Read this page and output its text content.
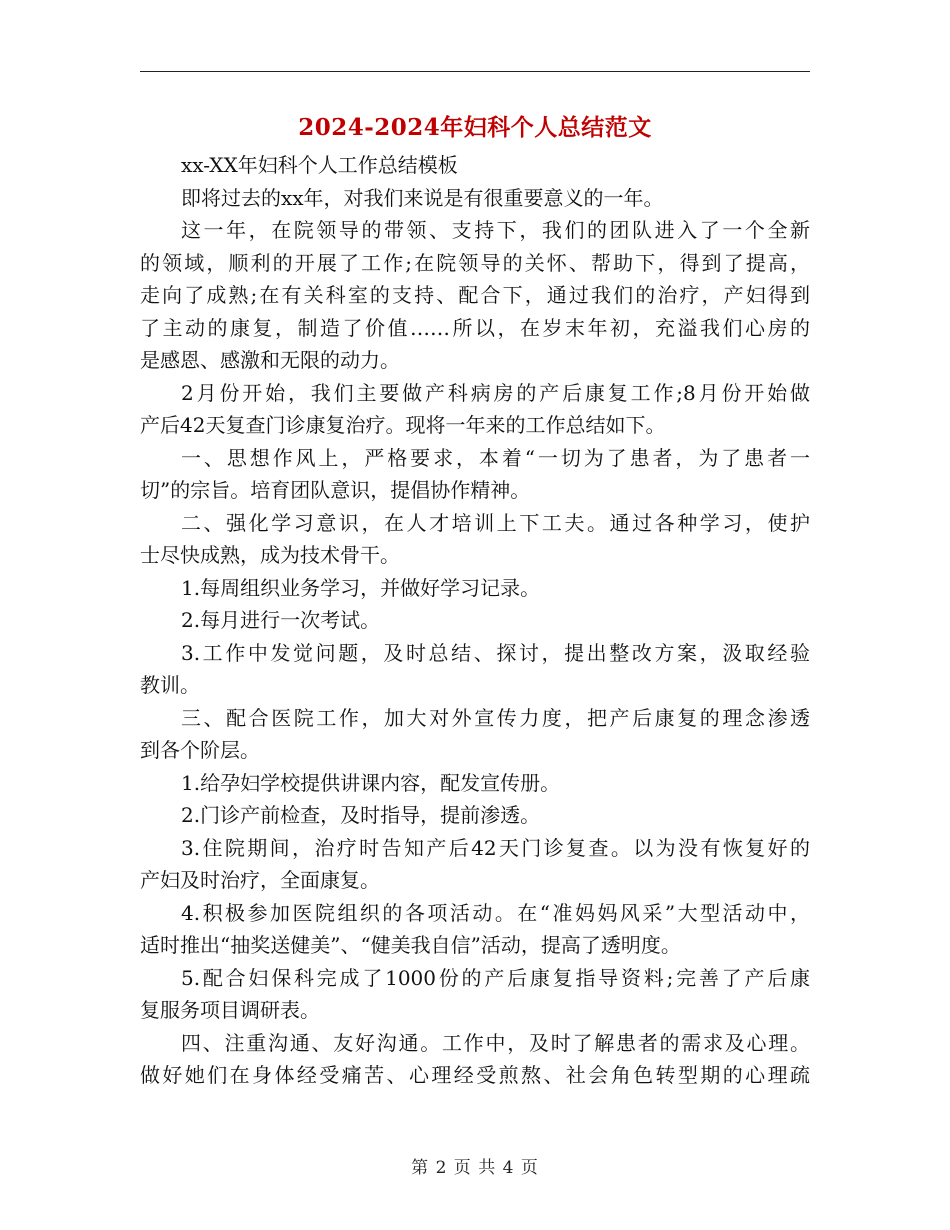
2024-2024年妇科个人总结范文
xx-XX年妇科个人工作总结模板
即将过去的xx年，对我们来说是有很重要意义的一年。
这一年，在院领导的带领、支持下，我们的团队进入了一个全新
的领域，顺利的开展了工作;在院领导的关怀、帮助下，得到了提高，
走向了成熟;在有关科室的支持、配合下，通过我们的治疗，产妇得到
了主动的康复，制造了价值……所以，在岁末年初，充溢我们心房的
是感恩、感激和无限的动力。
2月份开始，我们主要做产科病房的产后康复工作;8月份开始做
产后42天复查门诊康复治疗。现将一年来的工作总结如下。
一、思想作风上，严格要求，本着“一切为了患者，为了患者一
切”的宗旨。培育团队意识，提倡协作精神。
二、强化学习意识，在人才培训上下工夫。通过各种学习，使护
士尽快成熟，成为技术骨干。
1.每周组织业务学习，并做好学习记录。
2.每月进行一次考试。
3.工作中发觉问题，及时总结、探讨，提出整改方案，汲取经验
教训。
三、配合医院工作，加大对外宣传力度，把产后康复的理念渗透
到各个阶层。
1.给孕妇学校提供讲课内容，配发宣传册。
2.门诊产前检查，及时指导，提前渗透。
3.住院期间，治疗时告知产后42天门诊复查。以为没有恢复好的
产妇及时治疗，全面康复。
4.积极参加医院组织的各项活动。在“准妈妈风采”大型活动中，
适时推出“抽奖送健美”、“健美我自信”活动，提高了透明度。
5.配合妇保科完成了1000份的产后康复指导资料;完善了产后康
复服务项目调研表。
四、注重沟通、友好沟通。工作中，及时了解患者的需求及心理。
做好她们在身体经受痛苦、心理经受煎熬、社会角色转型期的心理疏
第 2 页 共 4 页
